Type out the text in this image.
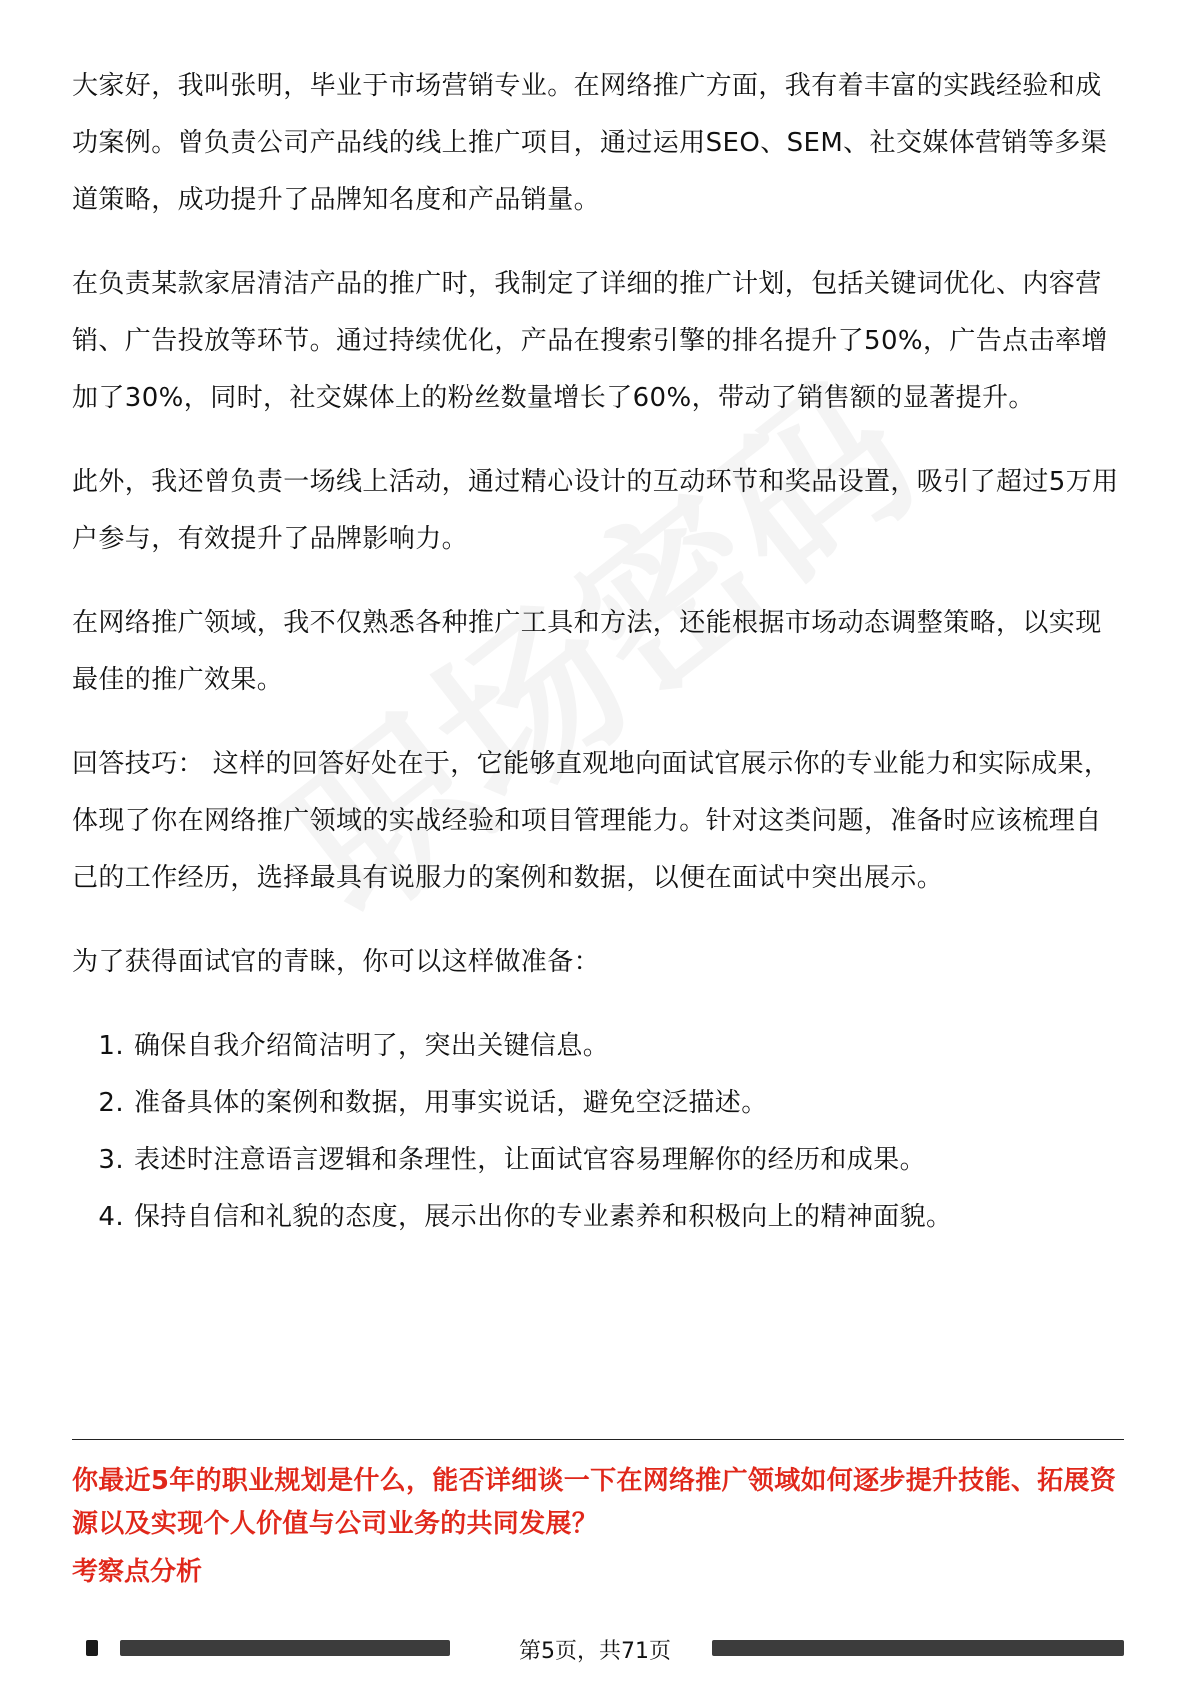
大家好，我叫张明，毕业于市场营销专业。在网络推广方面，我有着丰富的实践经验和成功案例。曾负责公司产品线的线上推广项目，通过运用SEO、SEM、社交媒体营销等多渠道策略，成功提升了品牌知名度和产品销量。

在负责某款家居清洁产品的推广时，我制定了详细的推广计划，包括关键词优化、内容营销、广告投放等环节。通过持续优化，产品在搜索引擎的排名提升了50%，广告点击率增加了30%，同时，社交媒体上的粉丝数量增长了60%，带动了销售额的显著提升。

此外，我还曾负责一场线上活动，通过精心设计的互动环节和奖品设置，吸引了超过5万用户参与，有效提升了品牌影响力。

在网络推广领域，我不仅熟悉各种推广工具和方法，还能根据市场动态调整策略，以实现最佳的推广效果。

回答技巧： 这样的回答好处在于，它能够直观地向面试官展示你的专业能力和实际成果，体现了你在网络推广领域的实战经验和项目管理能力。针对这类问题，准备时应该梳理自己的工作经历，选择最具有说服力的案例和数据，以便在面试中突出展示。

为了获得面试官的青睐，你可以这样做准备：

1. 确保自我介绍简洁明了，突出关键信息。
2. 准备具体的案例和数据，用事实说话，避免空泛描述。
3. 表述时注意语言逻辑和条理性，让面试官容易理解你的经历和成果。
4. 保持自信和礼貌的态度，展示出你的专业素养和积极向上的精神面貌。
你最近5年的职业规划是什么，能否详细谈一下在网络推广领域如何逐步提升技能、拓展资源以及实现个人价值与公司业务的共同发展？
考察点分析
第5页，共71页
